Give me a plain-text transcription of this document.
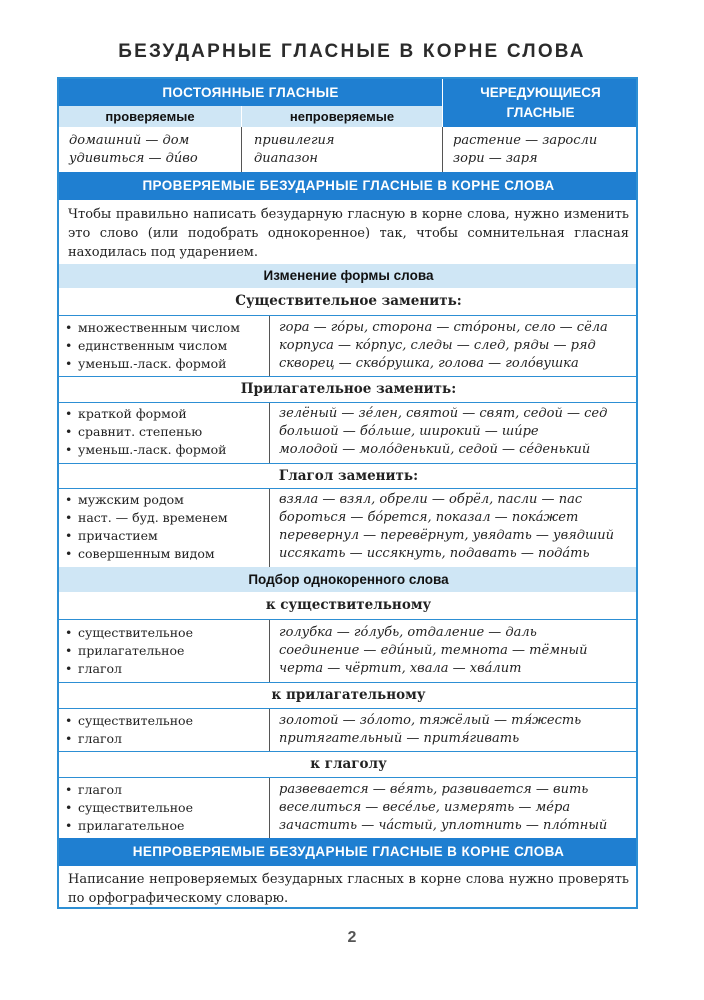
БЕЗУДАРНЫЕ ГЛАСНЫЕ В КОРНЕ СЛОВА
ПОСТОЯННЫЕ ГЛАСНЫЕ	ЧЕРЕДУЮЩИЕСЯ ГЛАСНЫЕ
проверяемые	непроверяемые
домашний — дом
удивиться — дúво
привилегия
диапазон
растение — заросли
зори — заря
ПРОВЕРЯЕМЫЕ БЕЗУДАРНЫЕ ГЛАСНЫЕ В КОРНЕ СЛОВА
Чтобы правильно написать безударную гласную в корне слова, нужно изменить это слово (или подобрать однокоренное) так, чтобы сомнительная гласная находилась под ударением.
Изменение формы слова
Существительное заменить:
• множественным числом
• единственным числом
• уменьш.-ласк. формой
гора — гóры, сторона — стóроны, село — сёла
корпуса — кóрпус, следы — след, ряды — ряд
скворец — сквóрушка, голова — голóвушка
Прилагательное заменить:
• краткой формой
• сравнит. степенью
• уменьш.-ласк. формой
зелёный — зéлен, святой — свят, седой — сед
большой — бóльше, широкий — шúре
молодой — молóденький, седой — сéденький
Глагол заменить:
• мужским родом
• наст. — буд. временем
• причастием
• совершенным видом
взяла — взял, обрели — обрёл, пасли — пас
бороться — бóрется, показал — покáжет
перевернул — перевёрнут, увядать — увядший
иссякать — иссякнуть, подавать — подáть
Подбор однокоренного слова
к существительному
• существительное
• прилагательное
• глагол
голубка — гóлубь, отдаление — даль
соединение — едúный, темнота — тёмный
черта — чёртит, хвала — хвáлит
к прилагательному
• существительное
• глагол
золотой — зóлото, тяжёлый — тя́жесть
притягательный — притя́гивать
к глаголу
• глагол
• существительное
• прилагательное
развевается — вéять, развивается — вить
веселиться — весéлье, измерять — мéра
зачастить — чáстый, уплотнить — плóтный
НЕПРОВЕРЯЕМЫЕ БЕЗУДАРНЫЕ ГЛАСНЫЕ В КОРНЕ СЛОВА
Написание непроверяемых безударных гласных в корне слова нужно проверять по орфографическому словарю.
2
